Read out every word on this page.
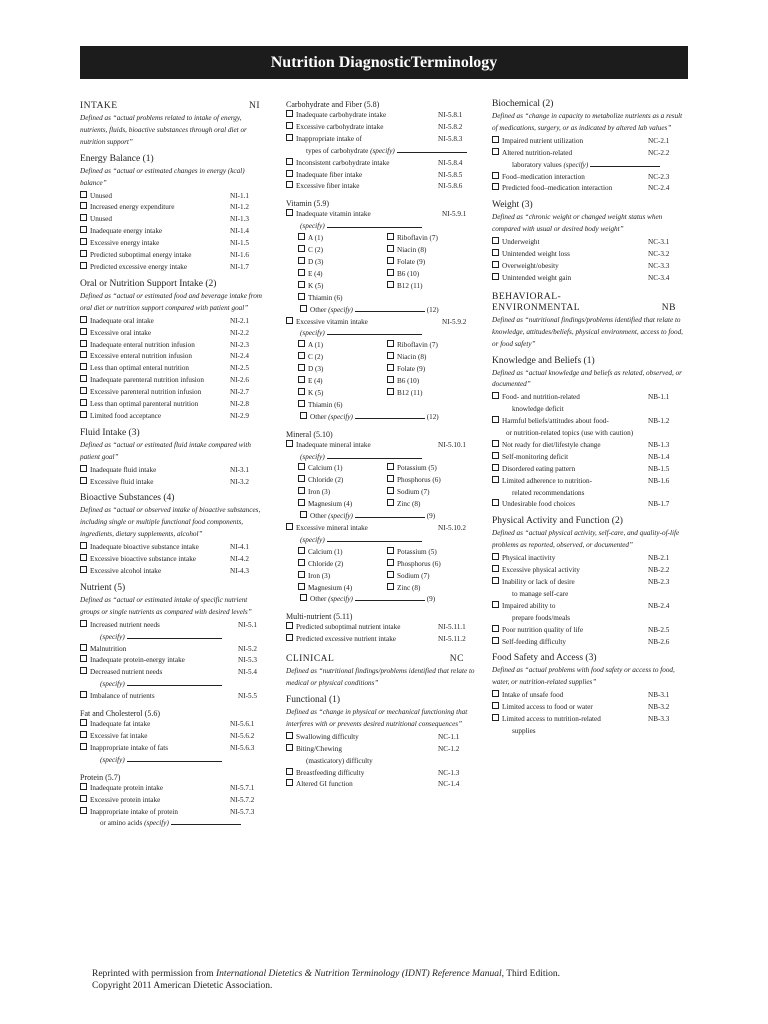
Nutrition DiagnosticTerminology
INTAKE	NI
Defined as “actual problems related to intake of energy, nutrients, fluids, bioactive substances through oral diet or nutrition support”
Energy Balance (1)
Defined as “actual or estimated changes in energy (kcal) balance”
Unused	NI-1.1
Increased energy expenditure	NI-1.2
Unused	NI-1.3
Inadequate energy intake	NI-1.4
Excessive energy intake	NI-1.5
Predicted suboptimal energy intake	NI-1.6
Predicted excessive energy intake	NI-1.7
Oral or Nutrition Support Intake (2)
Defined as “actual or estimated food and beverage intake from oral diet or nutrition support compared with patient goal”
Inadequate oral intake	NI-2.1
Excessive oral intake	NI-2.2
Inadequate enteral nutrition infusion	NI-2.3
Excessive enteral nutrition infusion	NI-2.4
Less than optimal enteral nutrition	NI-2.5
Inadequate parenteral nutrition infusion	NI-2.6
Excessive parenteral nutrition infusion	NI-2.7
Less than optimal parenteral nutrition	NI-2.8
Limited food acceptance	NI-2.9
Fluid Intake (3)
Defined as “actual or estimated fluid intake compared with patient goal”
Inadequate fluid intake	NI-3.1
Excessive fluid intake	NI-3.2
Bioactive Substances (4)
Defined as “actual or observed intake of bioactive substances, including single or multiple functional food components, ingredients, dietary supplements, alcohol”
Inadequate bioactive substance intake	NI-4.1
Excessive bioactive substance intake	NI-4.2
Excessive alcohol intake	NI-4.3
Nutrient (5)
Defined as “actual or estimated intake of specific nutrient groups or single nutrients as compared with desired levels”
Increased nutrient needs	NI-5.1
(specify)
Malnutrition	NI-5.2
Inadequate protein-energy intake	NI-5.3
Decreased nutrient needs	NI-5.4
(specify)
Imbalance of nutrients	NI-5.5
Fat and Cholesterol (5.6)
Inadequate fat intake	NI-5.6.1
Excessive fat intake	NI-5.6.2
Inappropriate intake of fats	NI-5.6.3
(specify)
Protein (5.7)
Inadequate protein intake	NI-5.7.1
Excessive protein intake	NI-5.7.2
Inappropriate intake of protein	NI-5.7.3
or amino acids (specify)
Carbohydrate and Fiber (5.8)
Inadequate carbohydrate intake	NI-5.8.1
Excessive carbohydrate intake	NI-5.8.2
Inappropriate intake of	NI-5.8.3
types of carbohydrate (specify)
Inconsistent carbohydrate intake	NI-5.8.4
Inadequate fiber intake	NI-5.8.5
Excessive fiber intake	NI-5.8.6
Vitamin (5.9)
Inadequate vitamin intake	NI-5.9.1
(specify)
A (1)	Riboflavin (7)
C (2)	Niacin (8)
D (3)	Folate (9)
E (4)	B6 (10)
K (5)	B12 (11)
Thiamin (6)
Other (specify)	(12)
Excessive vitamin intake	NI-5.9.2
(specify)
A (1)	Riboflavin (7)
C (2)	Niacin (8)
D (3)	Folate (9)
E (4)	B6 (10)
K (5)	B12 (11)
Thiamin (6)
Other (specify)	(12)
Mineral (5.10)
Inadequate mineral intake	NI-5.10.1
(specify)
Calcium (1)	Potassium (5)
Chloride (2)	Phosphorus (6)
Iron (3)	Sodium (7)
Magnesium (4)	Zinc (8)
Other (specify)	(9)
Excessive mineral intake	NI-5.10.2
(specify)
Calcium (1)	Potassium (5)
Chloride (2)	Phosphorus (6)
Iron (3)	Sodium (7)
Magnesium (4)	Zinc (8)
Other (specify)	(9)
Multi-nutrient (5.11)
Predicted suboptimal nutrient intake	NI-5.11.1
Predicted excessive nutrient intake	NI-5.11.2
CLINICAL	NC
Defined as “nutritional findings/problems identified that relate to medical or physical conditions”
Functional (1)
Defined as “change in physical or mechanical functioning that interferes with or prevents desired nutritional consequences”
Swallowing difficulty	NC-1.1
Biting/Chewing	NC-1.2
(masticatory) difficulty
Breastfeeding difficulty	NC-1.3
Altered GI function	NC-1.4
Biochemical (2)
Defined as “change in capacity to metabolize nutrients as a result of medications, surgery, or as indicated by altered lab values”
Impaired nutrient utilization	NC-2.1
Altered nutrition-related	NC-2.2
laboratory values (specify)
Food–medication interaction	NC-2.3
Predicted food–medication interaction	NC-2.4
Weight (3)
Defined as “chronic weight or changed weight status when compared with usual or desired body weight”
Underweight	NC-3.1
Unintended weight loss	NC-3.2
Overweight/obesity	NC-3.3
Unintended weight gain	NC-3.4
BEHAVIORAL-
ENVIRONMENTAL	NB
Defined as “nutritional findings/problems identified that relate to knowledge, attitudes/beliefs, physical environment, access to food, or food safety”
Knowledge and Beliefs (1)
Defined as “actual knowledge and beliefs as related, observed, or documented”
Food- and nutrition-related	NB-1.1
knowledge deficit
Harmful beliefs/attitudes about food-	NB-1.2
or nutrition-related topics (use with caution)
Not ready for diet/lifestyle change	NB-1.3
Self-monitoring deficit	NB-1.4
Disordered eating pattern	NB-1.5
Limited adherence to nutrition-	NB-1.6
related recommendations
Undesirable food choices	NB-1.7
Physical Activity and Function (2)
Defined as “actual physical activity, self-care, and quality-of-life problems as reported, observed, or documented”
Physical inactivity	NB-2.1
Excessive physical activity	NB-2.2
Inability or lack of desire	NB-2.3
to manage self-care
Impaired ability to	NB-2.4
prepare foods/meals
Poor nutrition quality of life	NB-2.5
Self-feeding difficulty	NB-2.6
Food Safety and Access (3)
Defined as “actual problems with food safety or access to food, water, or nutrition-related supplies”
Intake of unsafe food	NB-3.1
Limited access to food or water	NB-3.2
Limited access to nutrition-related	NB-3.3
supplies
Reprinted with permission from International Dietetics & Nutrition Terminology (IDNT) Reference Manual, Third Edition.
Copyright 2011 American Dietetic Association.
